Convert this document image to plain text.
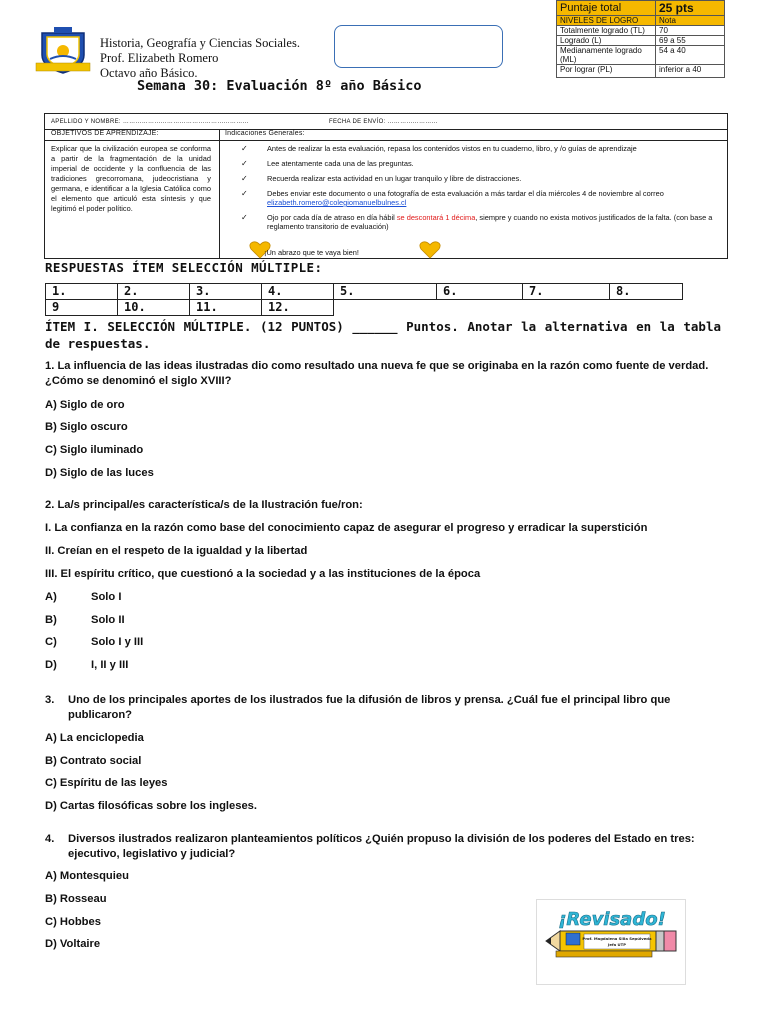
Historia, Geografía y Ciencias Sociales.
Prof. Elizabeth Romero
Octavo año Básico.
Semana 30: Evaluación 8º año Básico
Puntaje total	25 pts
NIVELES DE LOGRO	Nota
Totalmente logrado (TL)	70
Logrado (L)	69 a 55
Medianamente logrado (ML)	54 a 40
Por lograr (PL)	inferior a 40
APELLIDO Y NOMBRE: ……………………………………………………	FECHA DE ENVÍO: ……………………
OBJETIVOS DE APRENDIZAJE:	Indicaciones Generales:
Explicar que la civilización europea se conforma a partir de la fragmentación de la unidad imperial de occidente y la confluencia de las tradiciones grecorromana, judeocristiana y germana, e identificar a la Iglesia Católica como el elemento que articuló esta síntesis y que legitimó el poder político.
✓	Antes de realizar la esta evaluación, repasa los contenidos vistos en tu cuaderno, libro, y /o guías de aprendizaje
✓	Lee atentamente cada una de las preguntas.
✓	Recuerda realizar esta actividad en un lugar tranquilo y libre de distracciones.
✓	Debes enviar este documento o una fotografía de esta evaluación a más tardar el día miércoles 4 de noviembre al correo elizabeth.romero@colegiomanuelbulnes.cl
✓	Ojo por cada día de atraso en día hábil se descontará 1 décima, siempre y cuando no exista motivos justificados de la falta. (con base a reglamento transitorio de evaluación)
¡Un abrazo que te vaya bien!
RESPUESTAS ÍTEM SELECCIÓN MÚLTIPLE:
1.	2.	3.	4.	5.	6.	7.	8.
9	10.	11.	12.				
ÍTEM I. SELECCIÓN MÚLTIPLE. (12 PUNTOS) ______ Puntos. Anotar la alternativa en la tabla de respuestas.
1. La influencia de las ideas ilustradas dio como resultado una nueva fe que se originaba en la razón como fuente de verdad. ¿Cómo se denominó el siglo XVIII?
A) Siglo de oro
B) Siglo oscuro
C) Siglo iluminado
D) Siglo de las luces
2. La/s principal/es característica/s de la Ilustración fue/ron:
I. La confianza en la razón como base del conocimiento capaz de asegurar el progreso y erradicar la superstición
II. Creían en el respeto de la igualdad y la libertad
III. El espíritu crítico, que cuestionó a la sociedad y a las instituciones de la época
A)	Solo I
B)	Solo II
C)	Solo I y III
D)	I, II y III
3.	Uno de los principales aportes de los ilustrados fue la difusión de libros y prensa. ¿Cuál fue el principal libro que publicaron?
A) La enciclopedia
B) Contrato social
C) Espíritu de las leyes
D) Cartas filosóficas sobre los ingleses.
4.	Diversos ilustrados realizaron planteamientos políticos ¿Quién propuso la división de los poderes del Estado en tres: ejecutivo, legislativo y judicial?
A) Montesquieu
B) Rosseau
C) Hobbes
D) Voltaire
¡Revisado!
Prof. Magdalena Silla Sepúlveda
Jefa UTP
